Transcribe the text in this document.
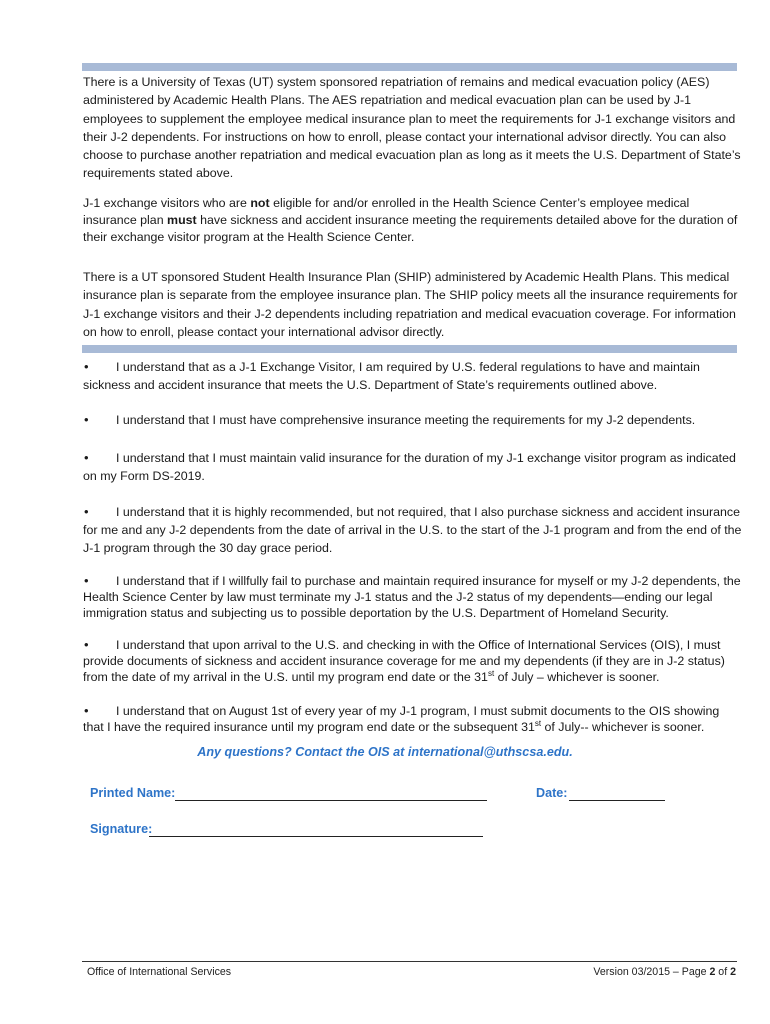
There is a University of Texas (UT) system sponsored repatriation of remains and medical evacuation policy (AES) administered by Academic Health Plans. The AES repatriation and medical evacuation plan can be used by J-1 employees to supplement the employee medical insurance plan to meet the requirements for J-1 exchange visitors and their J-2 dependents. For instructions on how to enroll, please contact your international advisor directly. You can also choose to purchase another repatriation and medical evacuation plan as long as it meets the U.S. Department of State’s requirements stated above.

J-1 exchange visitors who are not eligible for and/or enrolled in the Health Science Center’s employee medical insurance plan must have sickness and accident insurance meeting the requirements detailed above for the duration of their exchange visitor program at the Health Science Center.

There is a UT sponsored Student Health Insurance Plan (SHIP) administered by Academic Health Plans. This medical insurance plan is separate from the employee insurance plan. The SHIP policy meets all the insurance requirements for J-1 exchange visitors and their J-2 dependents including repatriation and medical evacuation coverage. For information on how to enroll, please contact your international advisor directly.

•I understand that as a J-1 Exchange Visitor, I am required by U.S. federal regulations to have and maintain sickness and accident insurance that meets the U.S. Department of State’s requirements outlined above.

•I understand that I must have comprehensive insurance meeting the requirements for my J-2 dependents.

•I understand that I must maintain valid insurance for the duration of my J-1 exchange visitor program as indicated on my Form DS-2019.

•I understand that it is highly recommended, but not required, that I also purchase sickness and accident insurance for me and any J-2 dependents from the date of arrival in the U.S. to the start of the J-1 program and from the end of the J-1 program through the 30 day grace period.

•I understand that if I willfully fail to purchase and maintain required insurance for myself or my J-2 dependents, the Health Science Center by law must terminate my J-1 status and the J-2 status of my dependents—ending our legal immigration status and subjecting us to possible deportation by the U.S. Department of Homeland Security.

•I understand that upon arrival to the U.S. and checking in with the Office of International Services (OIS), I must provide documents of sickness and accident insurance coverage for me and my dependents (if they are in J-2 status) from the date of my arrival in the U.S. until my program end date or the 31st of July – whichever is sooner.

•I understand that on August 1st of every year of my J-1 program, I must submit documents to the OIS showing that I have the required insurance until my program end date or the subsequent 31st of July-- whichever is sooner.

Any questions? Contact the OIS at international@uthscsa.edu.

Printed Name:	Date:
Signature:
Office of International Services	Version 03/2015 – Page 2 of 2
